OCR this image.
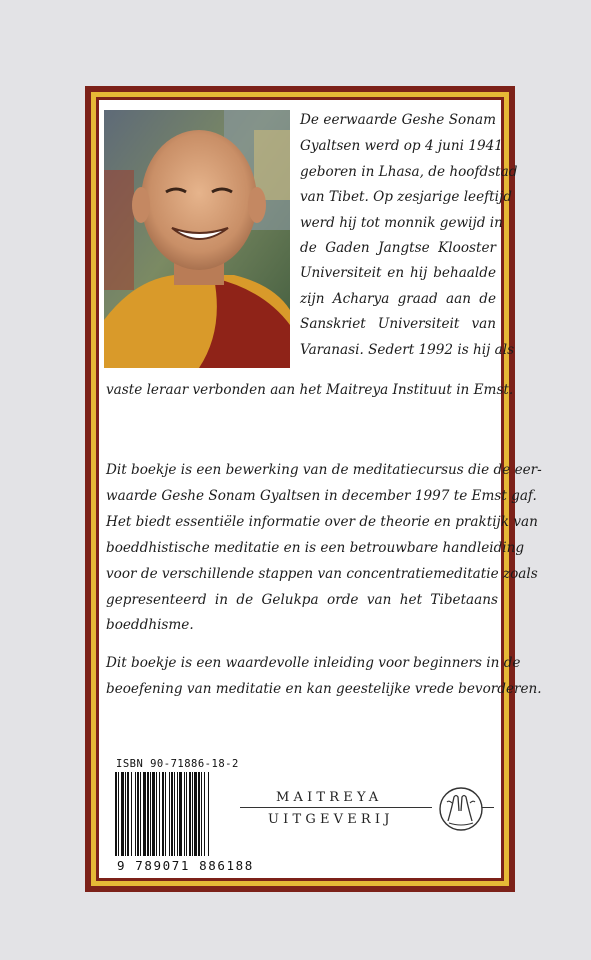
De eerwaarde Geshe Sonam

Gyaltsen werd op 4 juni 1941

geboren in Lhasa, de hoofdstad

van Tibet. Op zesjarige leeftijd

werd hij tot monnik gewijd in

de Gaden Jangtse Klooster

Universiteit en hij behaalde

zijn Acharya graad aan de

Sanskriet Universiteit van

Varanasi. Sedert 1992 is hij als

vaste leraar verbonden aan het Maitreya Instituut in Emst.

Dit boekje is een bewerking van de meditatiecursus die de eer-

waarde Geshe Sonam Gyaltsen in december 1997 te Emst gaf.

Het biedt essentiële informatie over de theorie en praktijk van

boeddhistische meditatie en is een betrouwbare handleiding

voor de verschillende stappen van concentratiemeditatie zoals

gepresenteerd in de Gelukpa orde van het Tibetaans

boeddhisme.

Dit boekje is een waardevolle inleiding voor beginners in de

beoefening van meditatie en kan geestelijke vrede bevorderen.

ISBN 90-71886-18-2
9 789071 886188
MAITREYA
UITGEVERIJ
